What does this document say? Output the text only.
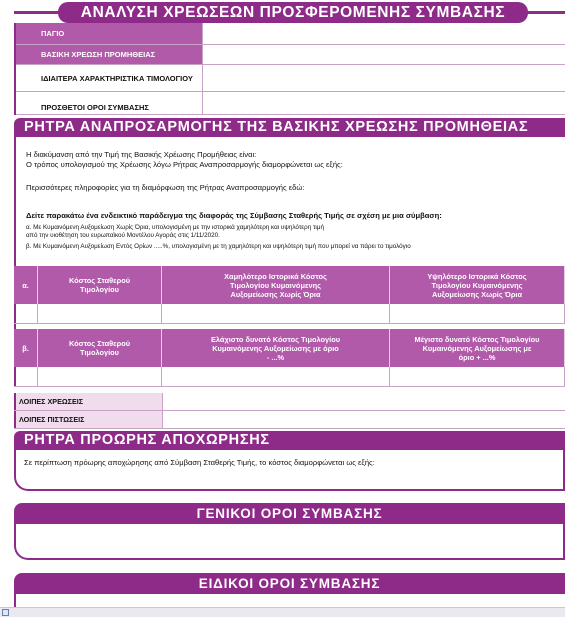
ΑΝΑΛΥΣΗ ΧΡΕΩΣΕΩΝ ΠΡΟΣΦΕΡΟΜΕΝΗΣ ΣΥΜΒΑΣΗΣ
ΠΑΓΙΟ
ΒΑΣΙΚΗ ΧΡΕΩΣΗ ΠΡΟΜΗΘΕΙΑΣ
ΙΔΙΑΙΤΕΡΑ ΧΑΡΑΚΤΗΡΙΣΤΙΚΑ ΤΙΜΟΛΟΓΙΟΥ
ΠΡΟΣΘΕΤΟΙ ΟΡΟΙ ΣΥΜΒΑΣΗΣ
ΡΗΤΡΑ ΑΝΑΠΡΟΣΑΡΜΟΓΗΣ ΤΗΣ ΒΑΣΙΚΗΣ ΧΡΕΩΣΗΣ ΠΡΟΜΗΘΕΙΑΣ
Η διακύμανση από την Τιμή της Βασικής Χρέωσης Προμήθειας είναι:
Ο τρόπος υπολογισμού της Χρέωσης λόγω Ρήτρας Αναπροσαρμογής διαμορφώνεται ως εξής:
Περισσότερες πληροφορίες για τη διαμόρφωση της Ρήτρας Αναπροσαρμογής εδώ:
Δείτε παρακάτω ένα ενδεικτικό παράδειγμα της διαφοράς της Σύμβασης Σταθερής Τιμής σε σχέση με μια σύμβαση:
α. Με Κυμαινόμενη Αυξομείωση Χωρίς Όρια, υπολογισμένη με την ιστορικά χαμηλότερη και υψηλότερη τιμή
από την υιοθέτηση του ευρωπαϊκού Μοντέλου Αγοράς στις 1/11/2020.
β. Με Κυμαινόμενη Αυξομείωση Εντός Ορίων .....%, υπολογισμένη με τη χαμηλότερη και υψηλότερη τιμή που μπορεί να πάρει το τιμολόγιο
α.	Κόστος Σταθερού Τιμολογίου
Χαμηλότερο Ιστορικά Κόστος Τιμολογίου Κυμαινόμενης Αυξομείωσης Χωρίς Όρια
Υψηλότερο Ιστορικά Κόστος Τιμολογίου Κυμαινόμενης Αυξομείωσης Χωρίς Όρια
β.	Κόστος Σταθερού Τιμολογίου
Ελάχιστο δυνατό Κόστος Τιμολογίου Κυμαινόμενης Αυξομείωσης με όριο - ...%
Μέγιστο δυνατό Κόστος Τιμολογίου Κυμαινόμενης Αυξομείωσης με όριο + ...%
ΛΟΙΠΕΣ ΧΡΕΩΣΕΙΣ
ΛΟΙΠΕΣ ΠΙΣΤΩΣΕΙΣ
ΡΗΤΡΑ ΠΡΟΩΡΗΣ ΑΠΟΧΩΡΗΣΗΣ
Σε περίπτωση πρόωρης αποχώρησης από Σύμβαση Σταθερής Τιμής, το κόστος διαμορφώνεται ως εξής:
ΓΕΝΙΚΟΙ ΟΡΟΙ ΣΥΜΒΑΣΗΣ
ΕΙΔΙΚΟΙ ΟΡΟΙ ΣΥΜΒΑΣΗΣ
